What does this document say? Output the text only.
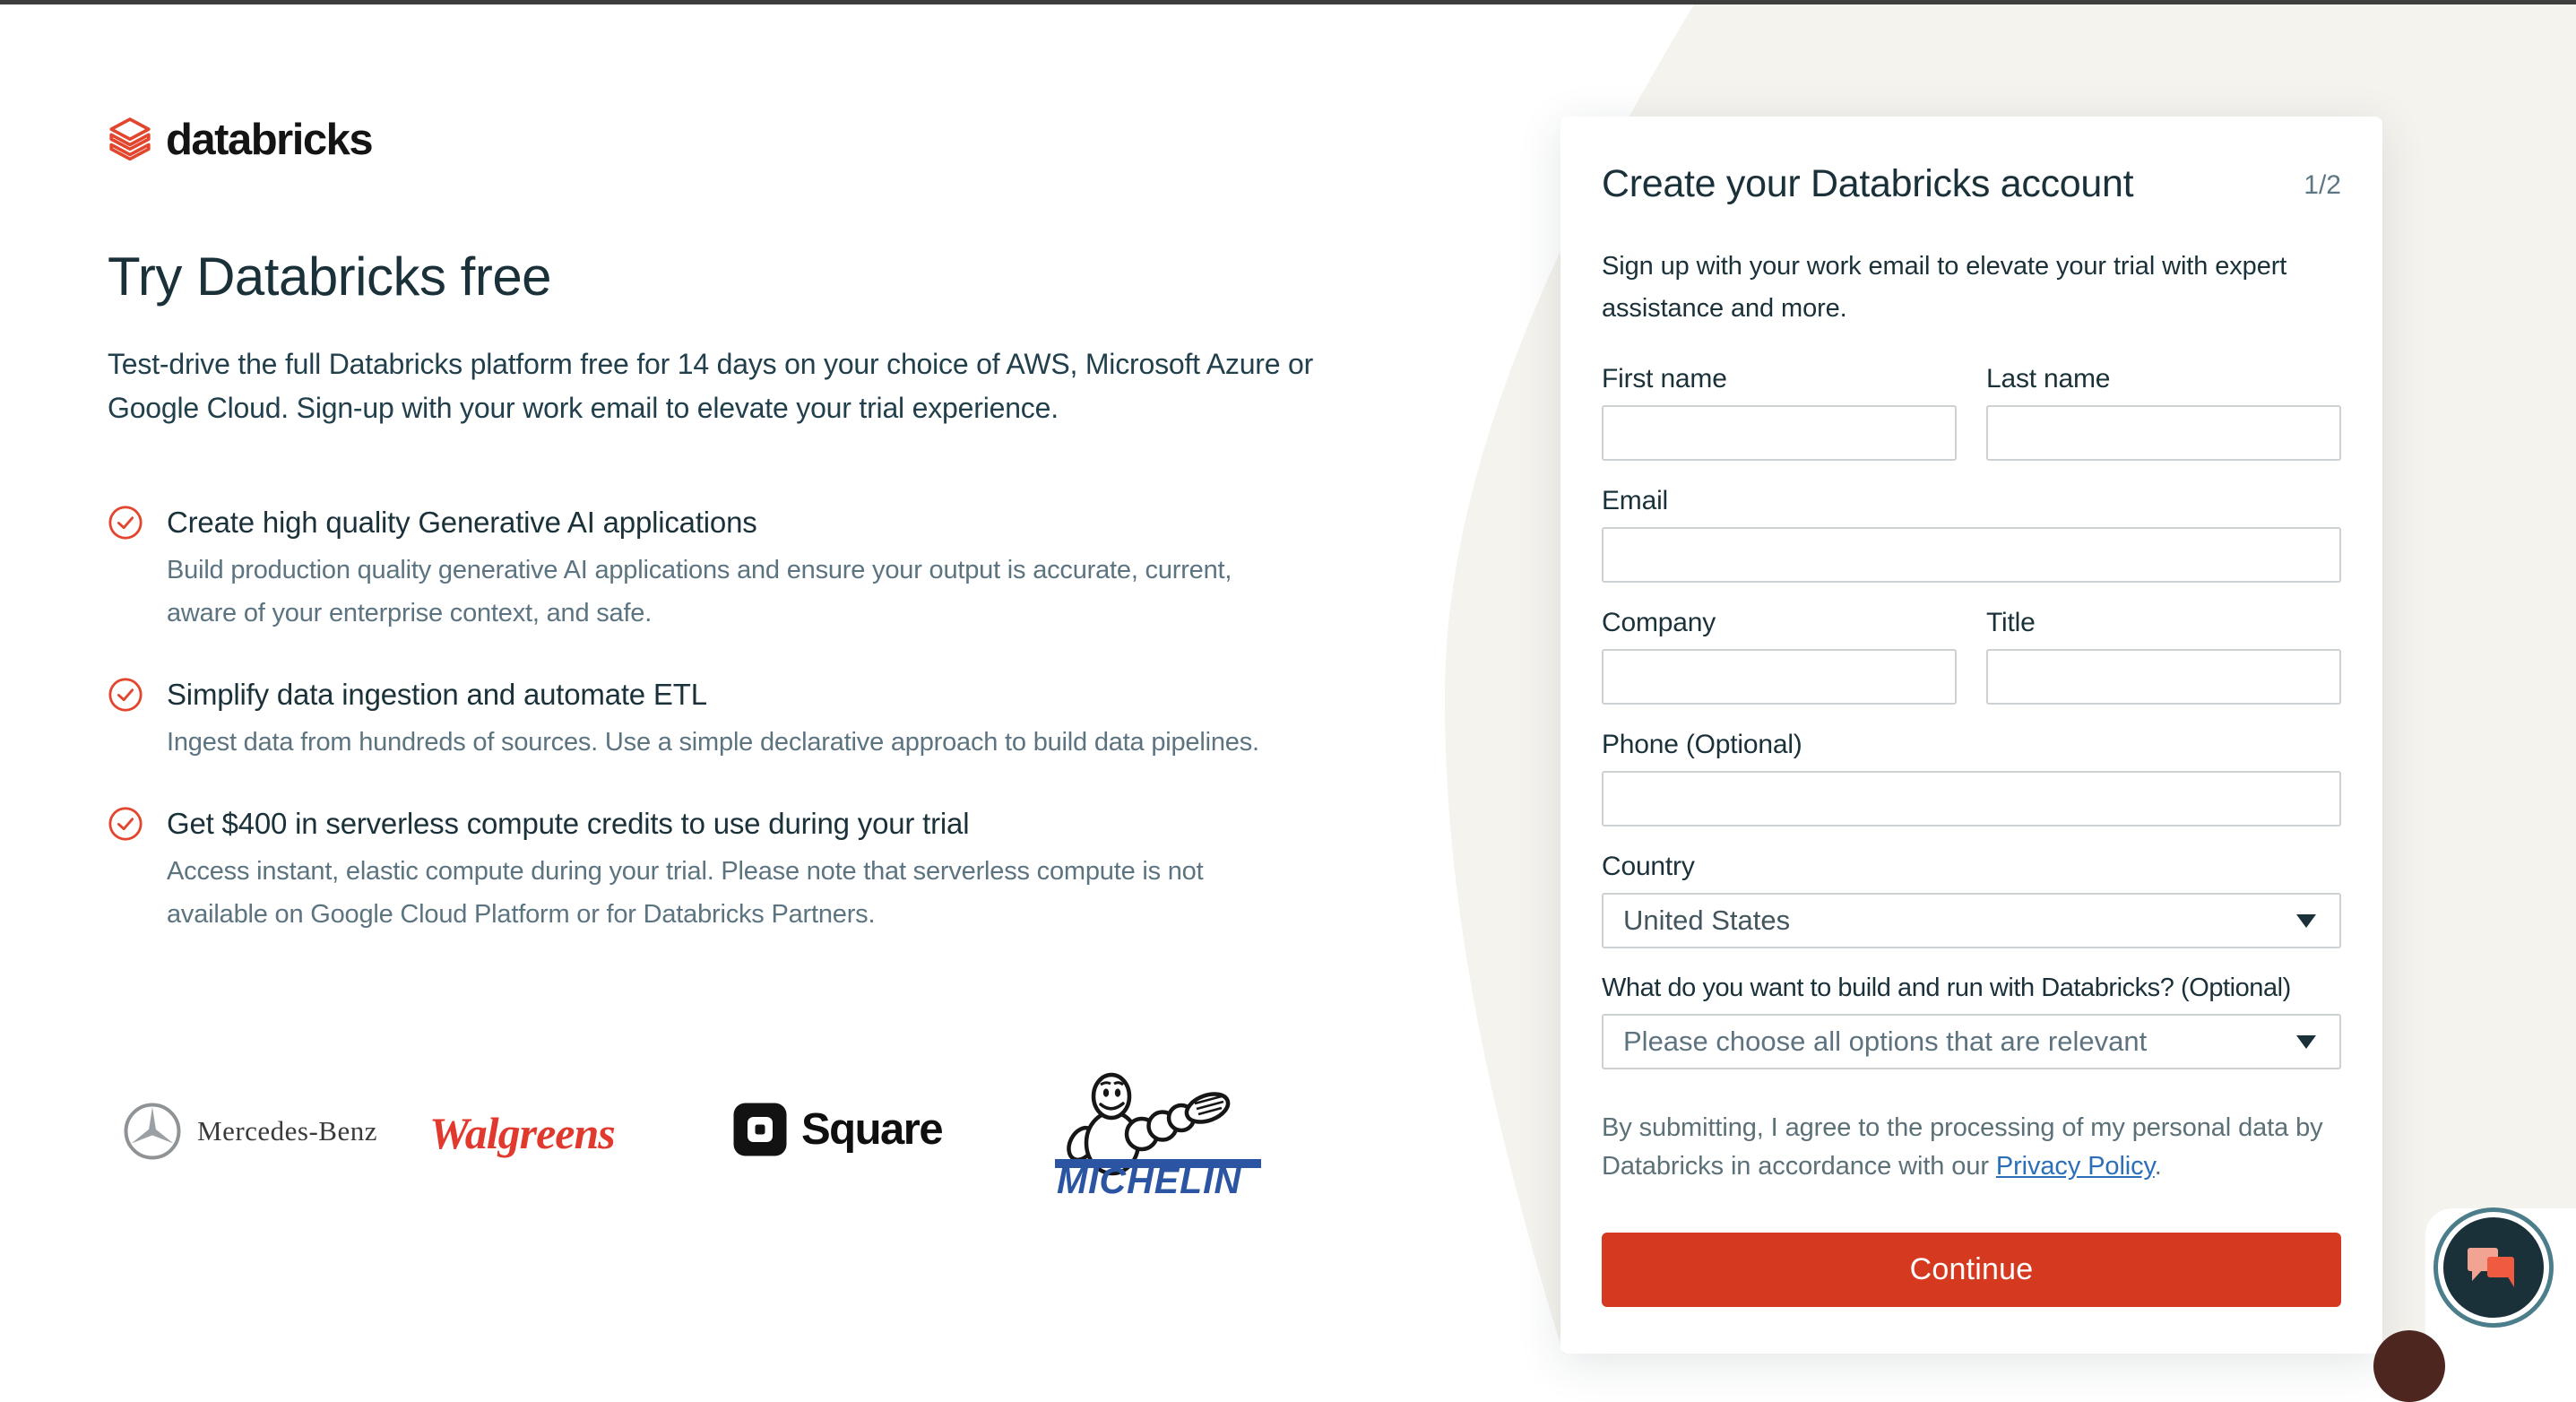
databricks
Try Databricks free

Test-drive the full Databricks platform free for 14 days on your choice of AWS, Microsoft Azure or Google Cloud. Sign-up with your work email to elevate your trial experience.

Create high quality Generative AI applications
Build production quality generative AI applications and ensure your output is accurate, current, aware of your enterprise context, and safe.
Simplify data ingestion and automate ETL
Ingest data from hundreds of sources. Use a simple declarative approach to build data pipelines.
Get $400 in serverless compute credits to use during your trial
Access instant, elastic compute during your trial. Please note that serverless compute is not available on Google Cloud Platform or for Databricks Partners.
Mercedes-Benz Walgreens	Square
MICHELIN
Create your Databricks account	1/2

Sign up with your work email to elevate your trial with expert assistance and more.

First name	Last name
Email
Company	Title
Phone (Optional)
Country
United States
What do you want to build and run with Databricks? (Optional)
Please choose all options that are relevant

By submitting, I agree to the processing of my personal data by Databricks in accordance with our Privacy Policy.

Continue
